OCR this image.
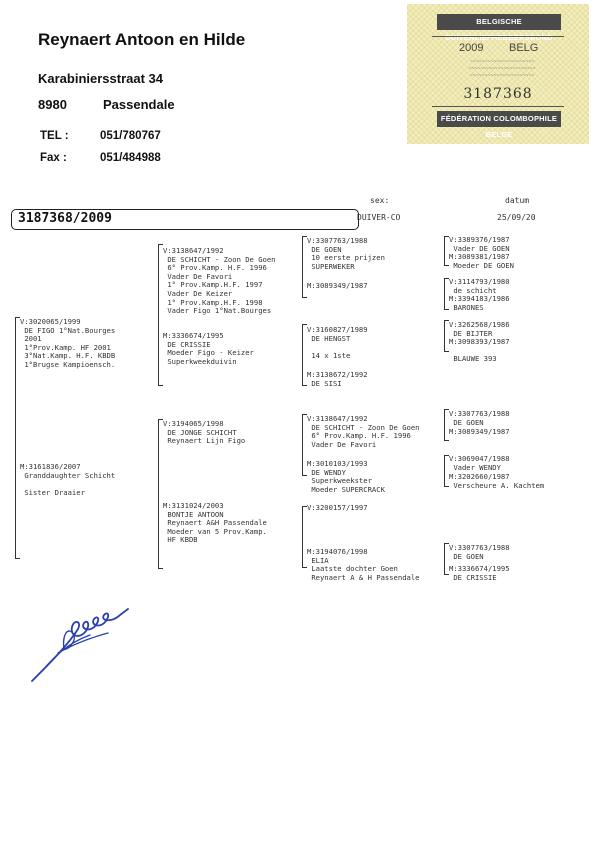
Reynaert Antoon en Hilde
Karabiniersstraat 34
8980	Passendale
TEL :	051/780767
Fax :	051/484988
BELGISCHE DUIVENLIEFHEBBERSBOND
2009 BELG
~~~~~~~~~~~~~~~~~~~~~~
~~~~~~~~~~~~~~~~~~~~~~~
~~~~~~~~~~~~~~~~~~~~~~
3187368
FÉDÉRATION COLOMBOPHILE BELGE
3187368/2009
sex:
DUIVER-CO
datum
25/09/20
V:3020065/1999
DE FIGO 1°Nat.Bourges
2001
1°Prov.Kamp. HF 2001
3°Nat.Kamp. H.F. KBDB
1°Brugse Kampioensch.
M:3161836/2007
Granddaughter Schicht

Sister Draaier
V:3138647/1992
DE SCHICHT - Zoon De Goen
6° Prov.Kamp. H.F. 1996
Vader De Favori
1° Prov.Kamp.H.F. 1997
Vader De Keizer
1° Prov.Kamp.H.F. 1998
Vader Figo 1°Nat.Bourges
M:3336674/1995
DE CRISSIE
Moeder Figo - Keizer
Superkweekduivin
V:3194065/1998
DE JONGE SCHICHT
Reynaert Lijn Figo
M:3131024/2003
BONTJE ANTOON
Reynaert A&H Passendale
Moeder van 5 Prov.Kamp.
HF KBDB
V:3307763/1988
DE GOEN
10 eerste prijzen
SUPERWEKER
M:3089349/1987
V:3160827/1989
DE HENGST

14 x 1ste
M:3138672/1992
DE SISI
V:3138647/1992
DE SCHICHT - Zoon De Goen
6° Prov.Kamp. H.F. 1996
Vader De Favori
M:3010103/1993
DE WENDY
Superkweekster
Moeder SUPERCRACK
V:3200157/1997
M:3194076/1998
ELIA
Laatste dochter Goen
Reynaert A & H Passendale
V:3389376/1987
Vader DE GOEN
M:3089381/1987
Moeder DE GOEN
V:3114793/1980
de schicht
M:3394183/1986
BARONES
V:3262568/1986
DE BIJTER
M:3098393/1987

BLAUWE 393
V:3307763/1988
DE GOEN
M:3089349/1987
V:3069047/1988
Vader WENDY
M:3202660/1987
Verscheure A. Kachtem
V:3307763/1988
DE GOEN
M:3336674/1995
DE CRISSIE
